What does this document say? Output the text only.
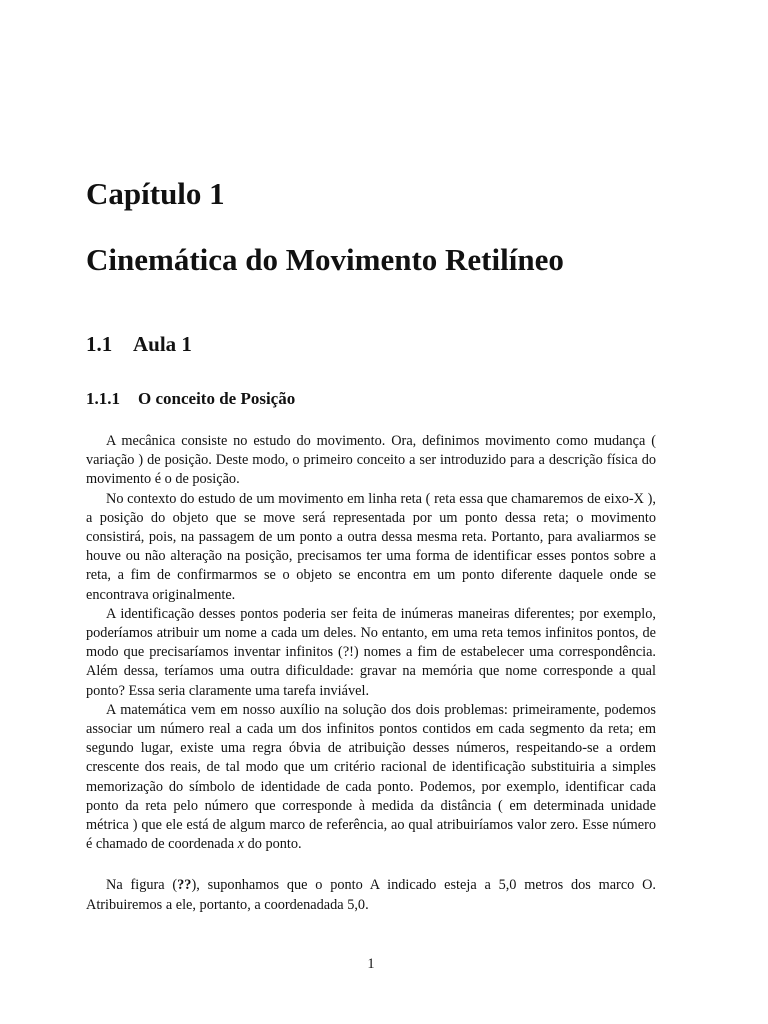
Capítulo 1
Cinemática do Movimento Retilíneo
1.1 Aula 1
1.1.1 O conceito de Posição

A mecânica consiste no estudo do movimento. Ora, definimos movimento como mudança ( variação ) de posição. Deste modo, o primeiro conceito a ser introduzido para a descrição física do movimento é o de posição.

No contexto do estudo de um movimento em linha reta ( reta essa que chamaremos de eixo-X ), a posição do objeto que se move será representada por um ponto dessa reta; o movimento consistirá, pois, na passagem de um ponto a outra dessa mesma reta. Portanto, para avaliarmos se houve ou não alteração na posição, precisamos ter uma forma de identificar esses pontos sobre a reta, a fim de confirmarmos se o objeto se encontra em um ponto diferente daquele onde se encontrava originalmente.

A identificação desses pontos poderia ser feita de inúmeras maneiras diferentes; por exemplo, poderíamos atribuir um nome a cada um deles. No entanto, em uma reta temos infinitos pontos, de modo que precisaríamos inventar infinitos (?!) nomes a fim de estabelecer uma correspondência. Além dessa, teríamos uma outra dificuldade: gravar na memória que nome corresponde a qual ponto? Essa seria claramente uma tarefa inviável.

A matemática vem em nosso auxílio na solução dos dois problemas: primeiramente, podemos associar um número real a cada um dos infinitos pontos contidos em cada segmento da reta; em segundo lugar, existe uma regra óbvia de atribuição desses números, respeitando-se a ordem crescente dos reais, de tal modo que um critério racional de identificação substituiria a simples memorização do símbolo de identidade de cada ponto. Podemos, por exemplo, identificar cada ponto da reta pelo número que corresponde à medida da distância ( em determinada unidade métrica ) que ele está de algum marco de referência, ao qual atribuiríamos valor zero. Esse número é chamado de coordenada x do ponto.

Na figura (??), suponhamos que o ponto A indicado esteja a 5,0 metros dos marco O. Atribuiremos a ele, portanto, a coordenadada 5,0.

1
